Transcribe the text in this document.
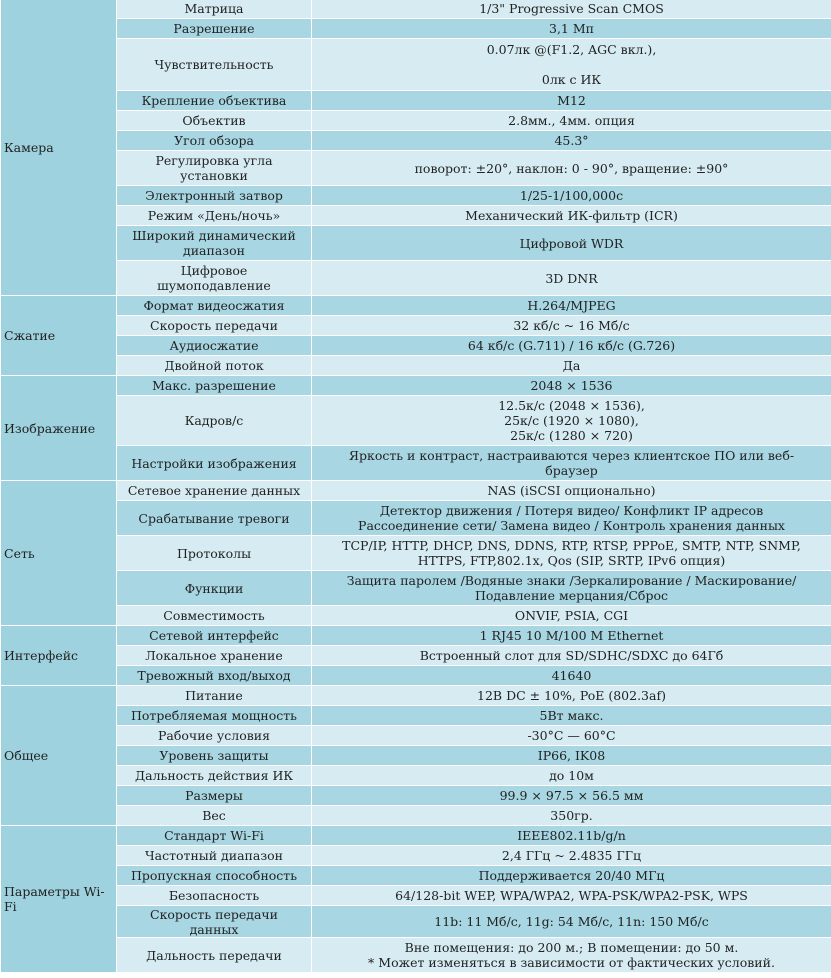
Камера	Матрица	1/3" Progressive Scan CMOS

	Разрешение	3,1 Мп

	Чувствительность	0.07лк @(F1.2, AGC вкл.),

0лк с ИК

	Крепление объектива	M12

	Объектив	2.8мм., 4мм. опция

	Угол обзора	45.3°

	Регулировка угла
установки	поворот: ±20°, наклон: 0 - 90°, вращение: ±90°

	Электронный затвор	1/25-1/100,000с

	Режим «День/ночь»	Механический ИК-фильтр (ICR)

	Широкий динамический
диапазон	Цифровой WDR

	Цифровое
шумоподавление	3D DNR

Сжатие	Формат видеосжатия	H.264/MJPEG

	Скорость передачи	32 кб/с ~ 16 Мб/с

	Аудиосжатие	64 кб/с (G.711) / 16 кб/с (G.726)

	Двойной поток	Да

Изображение	Макс. разрешение	2048 × 1536

	Кадров/с	12.5к/с (2048 × 1536),
25к/с (1920 × 1080),
25к/с (1280 × 720)

	Настройки изображения	Яркость и контраст, настраиваются через клиентское ПО или веб-
браузер

Сеть	Сетевое хранение данных	NAS (iSCSI опционально)

	Срабатывание тревоги	Детектор движения / Потеря видео/ Конфликт IP адресов
Рассоединение сети/ Замена видео / Контроль хранения данных

	Протоколы	TCP/IP, HTTP, DHCP, DNS, DDNS, RTP, RTSP, PPPoE, SMTP, NTP, SNMP,
HTTPS, FTP,802.1x, Qos (SIP, SRTP, IPv6 опция)

	Функции	Защита паролем /Водяные знаки /Зеркалирование / Маскирование/
Подавление мерцания/Сброс

	Совместимость	ONVIF, PSIA, CGI

Интерфейс	Сетевой интерфейс	1 RJ45 10 M/100 M Ethernet

	Локальное хранение	Встроенный слот для SD/SDHC/SDXC до 64Гб

	Тревожный вход/выход	41640

Общее	Питание	12В DC ± 10%, PoE (802.3af)

	Потребляемая мощность	5Вт макс.

	Рабочие условия	-30°C — 60°C

	Уровень защиты	IP66, IK08

	Дальность действия ИК	до 10м

	Размеры	99.9 × 97.5 × 56.5 мм

	Вес	350гр.

Параметры Wi-Fi	Стандарт Wi-Fi	IEEE802.11b/g/n

	Частотный диапазон	2,4 ГГц ~ 2.4835 ГГц

	Пропускная способность	Поддерживается 20/40 МГц

	Безопасность	64/128-bit WEP, WPA/WPA2, WPA-PSK/WPA2-PSK, WPS

	Скорость передачи
данных	11b: 11 Мб/с, 11g: 54 Мб/с, 11n: 150 Мб/с

	Дальность передачи	Вне помещения: до 200 м.; В помещении: до 50 м.
* Может изменяться в зависимости от фактических условий.
